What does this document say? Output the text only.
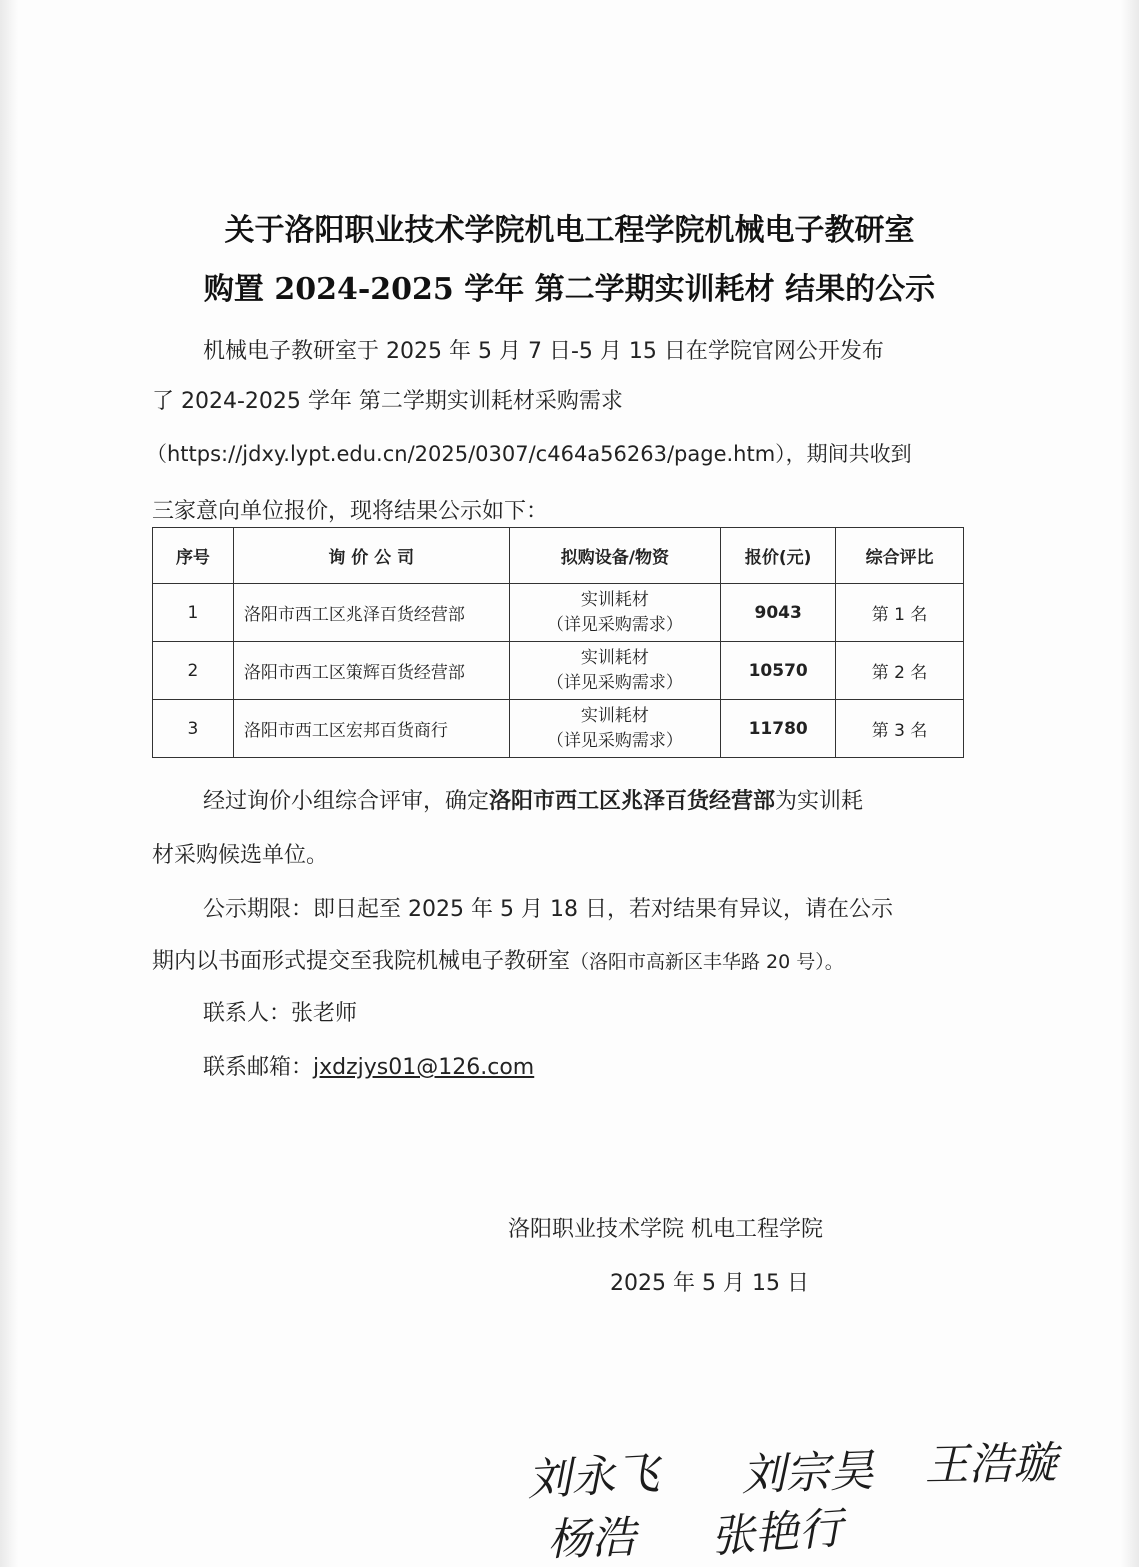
关于洛阳职业技术学院机电工程学院机械电子教研室
购置 2024-2025 学年 第二学期实训耗材 结果的公示
机械电子教研室于 2025 年 5 月 7 日-5 月 15 日在学院官网公开发布
了 2024-2025 学年 第二学期实训耗材采购需求
（https://jdxy.lypt.edu.cn/2025/0307/c464a56263/page.htm），期间共收到
三家意向单位报价，现将结果公示如下：
序号	询 价 公 司	拟购设备/物资	报价(元)	综合评比
1	洛阳市西工区兆泽百货经营部	实训耗材
（详见采购需求）	9043	第 1 名
2	洛阳市西工区策辉百货经营部	实训耗材
（详见采购需求）	10570	第 2 名
3	洛阳市西工区宏邦百货商行	实训耗材
（详见采购需求）	11780	第 3 名
经过询价小组综合评审，确定洛阳市西工区兆泽百货经营部为实训耗
材采购候选单位。
公示期限：即日起至 2025 年 5 月 18 日，若对结果有异议，请在公示
期内以书面形式提交至我院机械电子教研室（洛阳市高新区丰华路 20 号）。
联系人：张老师
联系邮箱：jxdzjys01@126.com
洛阳职业技术学院 机电工程学院
2025 年 5 月 15 日
刘永飞 刘宗昊 王浩璇
杨浩 张艳行
